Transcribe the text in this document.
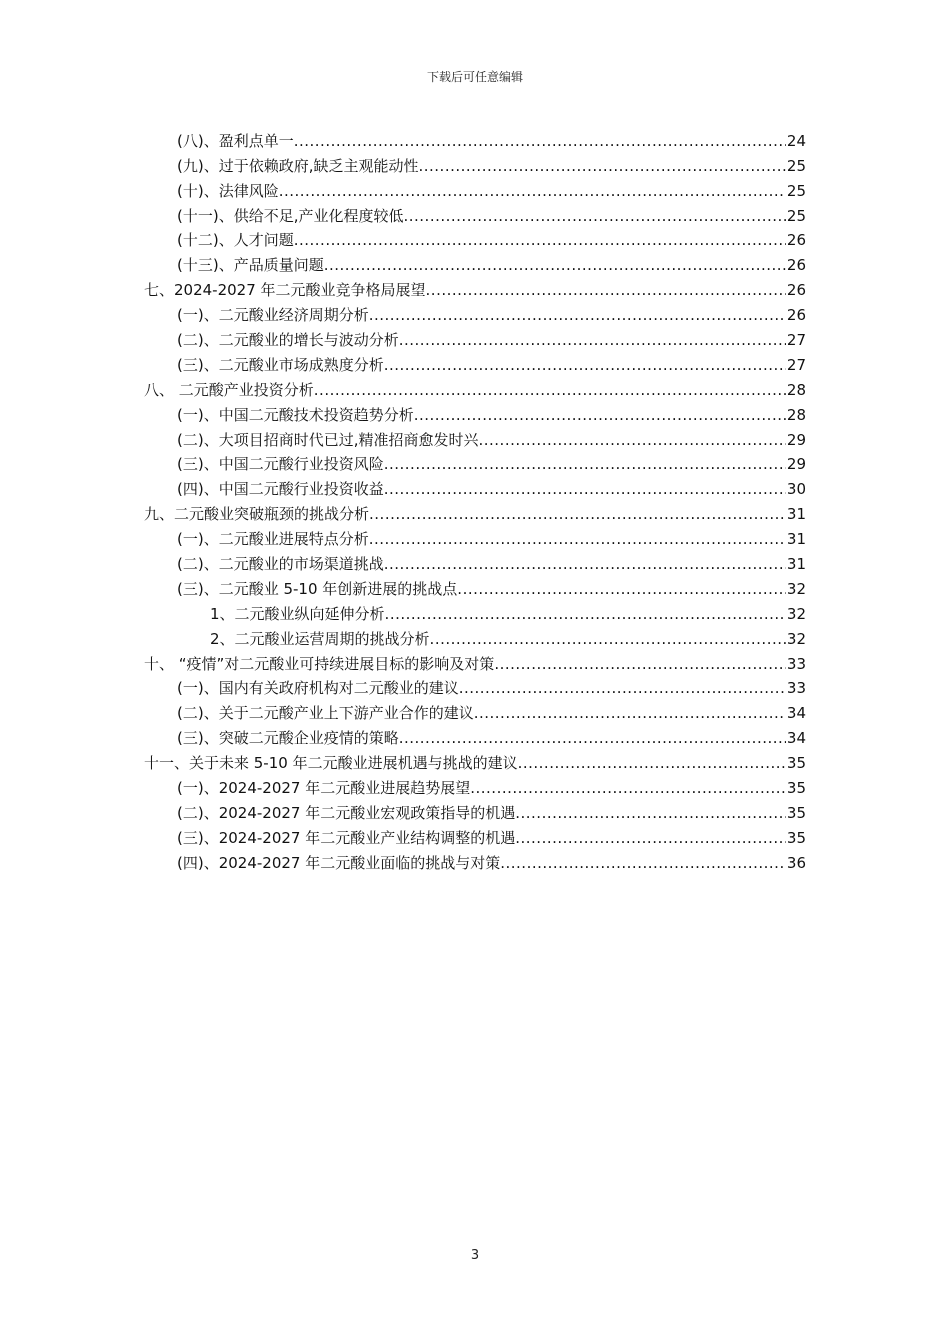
下载后可任意编辑
(八)、盈利点单一 .....	24
(九)、过于依赖政府,缺乏主观能动性 .....	25
(十)、法律风险 .....	25
(十一)、供给不足,产业化程度较低 .....	25
(十二)、人才问题 .....	26
(十三)、产品质量问题 .....	26
七、2024-2027 年二元酸业竞争格局展望 .....	26
(一)、二元酸业经济周期分析 .....	26
(二)、二元酸业的增长与波动分析 .....	27
(三)、二元酸业市场成熟度分析 .....	27
八、 二元酸产业投资分析 .....	28
(一)、中国二元酸技术投资趋势分析 .....	28
(二)、大项目招商时代已过,精准招商愈发时兴 .....	29
(三)、中国二元酸行业投资风险 .....	29
(四)、中国二元酸行业投资收益 .....	30
九、二元酸业突破瓶颈的挑战分析 .....	31
(一)、二元酸业进展特点分析 .....	31
(二)、二元酸业的市场渠道挑战 .....	31
(三)、二元酸业 5-10 年创新进展的挑战点 .....	32
1、二元酸业纵向延伸分析 .....	32
2、二元酸业运营周期的挑战分析 .....	32
十、 “疫情”对二元酸业可持续进展目标的影响及对策 .....	33
(一)、国内有关政府机构对二元酸业的建议 .....	33
(二)、关于二元酸产业上下游产业合作的建议 .....	34
(三)、突破二元酸企业疫情的策略 .....	34
十一、关于未来 5-10 年二元酸业进展机遇与挑战的建议 .....	35
(一)、2024-2027 年二元酸业进展趋势展望 .....	35
(二)、2024-2027 年二元酸业宏观政策指导的机遇 .....	35
(三)、2024-2027 年二元酸业产业结构调整的机遇 .....	35
(四)、2024-2027 年二元酸业面临的挑战与对策 .....	36
3
